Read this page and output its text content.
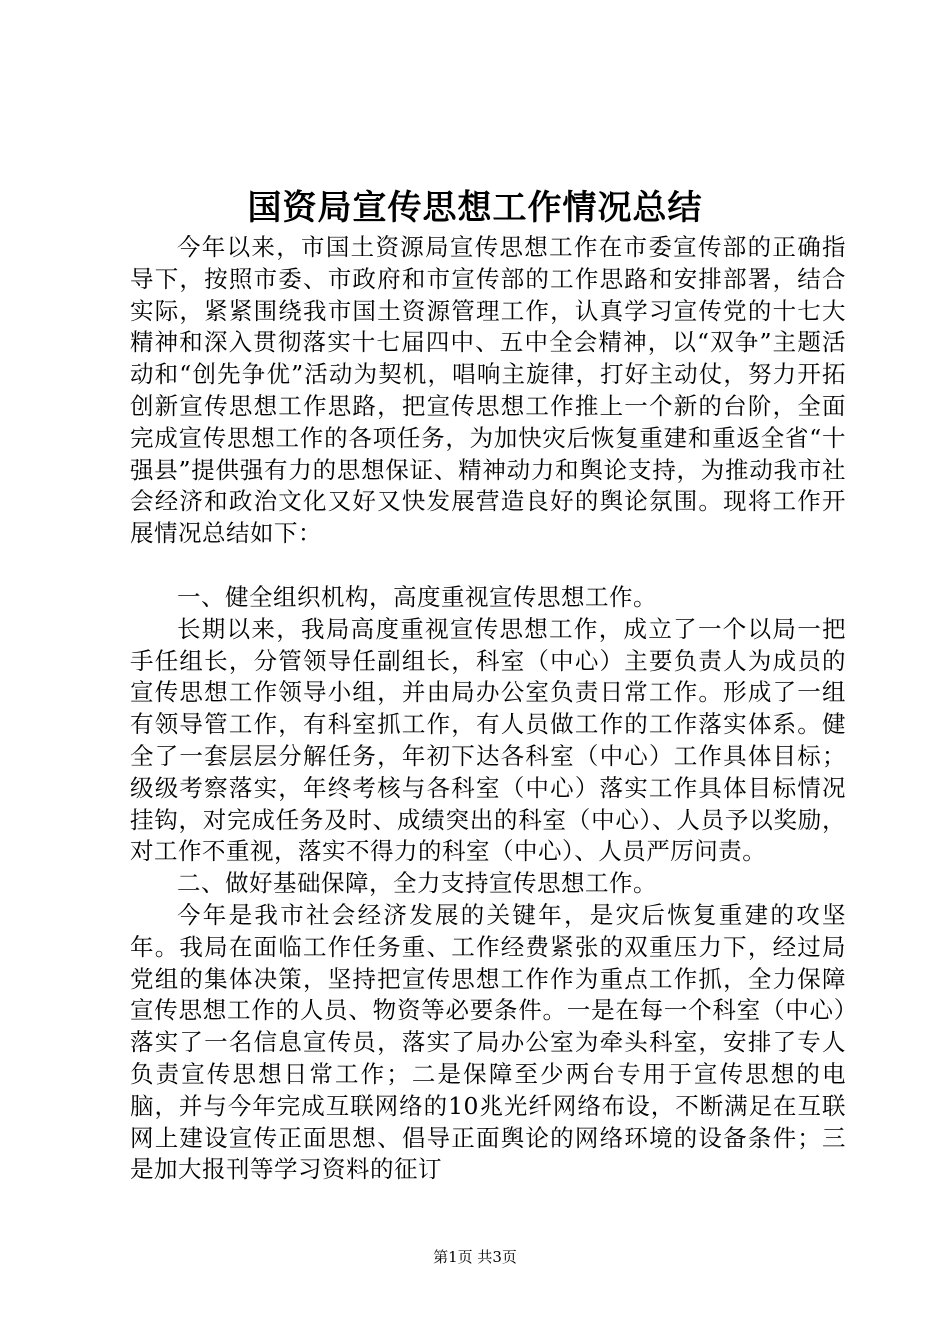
国资局宣传思想工作情况总结

今年以来，市国土资源局宣传思想工作在市委宣传部的正确指导下，按照市委、市政府和市宣传部的工作思路和安排部署，结合实际，紧紧围绕我市国土资源管理工作，认真学习宣传党的十七大精神和深入贯彻落实十七届四中、五中全会精神，以“双争”主题活动和“创先争优”活动为契机，唱响主旋律，打好主动仗，努力开拓创新宣传思想工作思路，把宣传思想工作推上一个新的台阶，全面完成宣传思想工作的各项任务，为加快灾后恢复重建和重返全省“十强县”提供强有力的思想保证、精神动力和舆论支持，为推动我市社会经济和政治文化又好又快发展营造良好的舆论氛围。现将工作开展情况总结如下：

一、健全组织机构，高度重视宣传思想工作。

长期以来，我局高度重视宣传思想工作，成立了一个以局一把手任组长，分管领导任副组长，科室（中心）主要负责人为成员的宣传思想工作领导小组，并由局办公室负责日常工作。形成了一组有领导管工作，有科室抓工作，有人员做工作的工作落实体系。健全了一套层层分解任务，年初下达各科室（中心）工作具体目标；级级考察落实，年终考核与各科室（中心）落实工作具体目标情况挂钩，对完成任务及时、成绩突出的科室（中心）、人员予以奖励，对工作不重视，落实不得力的科室（中心）、人员严厉问责。

二、做好基础保障，全力支持宣传思想工作。

今年是我市社会经济发展的关键年，是灾后恢复重建的攻坚年。我局在面临工作任务重、工作经费紧张的双重压力下，经过局党组的集体决策，坚持把宣传思想工作作为重点工作抓，全力保障宣传思想工作的人员、物资等必要条件。一是在每一个科室（中心）落实了一名信息宣传员，落实了局办公室为牵头科室，安排了专人负责宣传思想日常工作；二是保障至少两台专用于宣传思想的电脑，并与今年完成互联网络的10兆光纤网络布设，不断满足在互联网上建设宣传正面思想、倡导正面舆论的网络环境的设备条件；三是加大报刊等学习资料的征订

第1页 共3页
